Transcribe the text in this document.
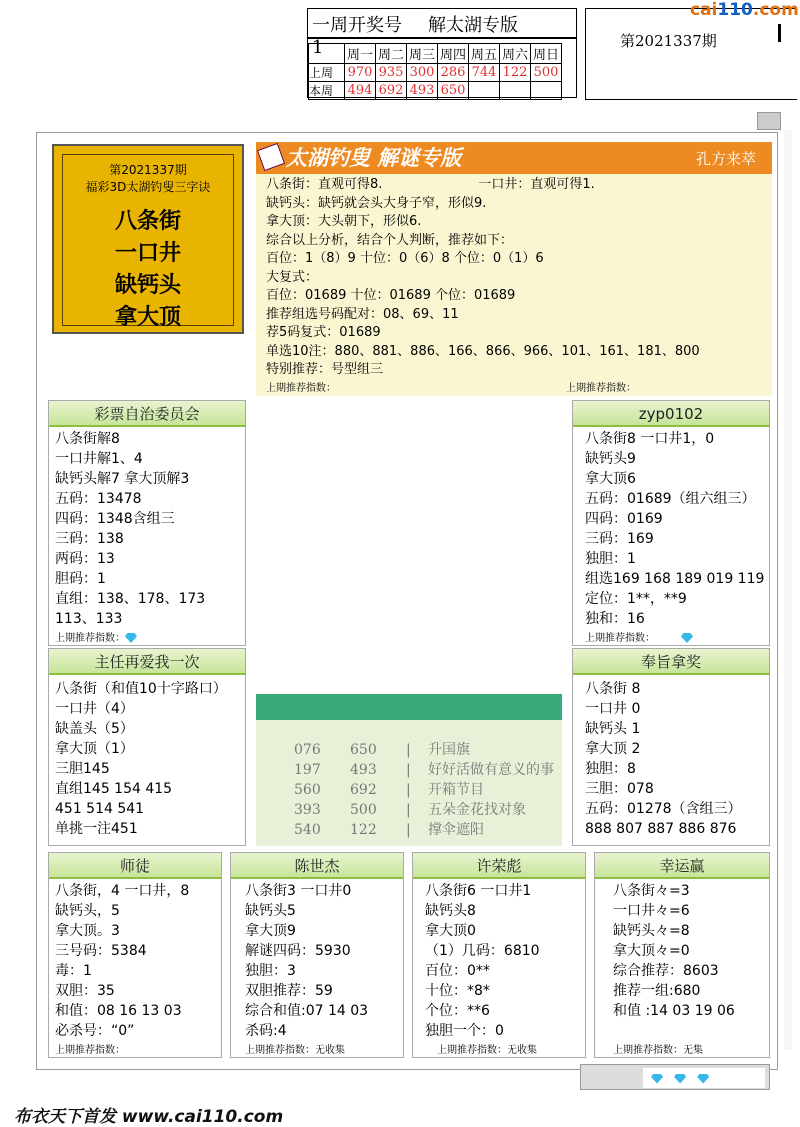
一周开奖号 解太湖专版1
		周一	周二	周三	周四	周五	周六	周日
上周	970	935	300	286	744	122	500
本周	494	692	493	650			
第2021337期
cai110.com
第2021337期
福彩3D太湖钓叟三字诀
八条街
一口井
缺钙头
拿大顶
太湖钓叟 解谜专版	孔方来萃
八条街：直观可得8.	一口井：直观可得1.
缺钙头：缺钙就会头大身子窄，形似9.
拿大顶：大头朝下，形似6.
综合以上分析，结合个人判断，推荐如下：
百位：1（8）9 十位：0（6）8 个位：0（1）6
大复式：
百位：01689 十位：01689 个位：01689
推荐组选号码配对：08、69、11
荐5码复式：01689
单选10注：880、881、886、166、866、966、101、161、181、800
特别推荐：号型组三
上期推荐指数：	上期推荐指数：
彩票自治委员会
八条街解8
一口井解1、4
缺钙头解7 拿大顶解3
五码：13478
四码：1348含组三
三码：138
两码：13
胆码：1
直组：138、178、173
113、133
上期推荐指数：
zyp0102
八条街8 一口井1，0
缺钙头9
拿大顶6
五码：01689（组六组三）
四码：0169
三码：169
独胆：1
组选169 168 189 019 119
定位：1**，**9
独和：16
上期推荐指数：
主任再爱我一次
八条街（和值10十字路口）
一口井（4）
缺盖头（5）
拿大顶（1）
三胆145
直组145 154 415
451 514 541
单挑一注451
奉旨拿奖
八条街 8
一口井 0
缺钙头 1
拿大顶 2
独胆：8
三胆：078
五码：01278（含组三）
888 807 887 886 876
076 650 | 升国旗
197 493 | 好好活做有意义的事
560 692 | 开箱节目
393 500 | 五朵金花找对象
540 122 | 撑伞遮阳
师徒
八条街，4 一口井，8
缺钙头，5
拿大顶。3
三号码：5384
毒：1
双胆：35
和值：08 16 13 03
必杀号：“0”
上期推荐指数：
陈世杰
八条街3 一口井0
缺钙头5
拿大顶9
解谜四码：5930
独胆：3
双胆推荐：59
综合和值:07 14 03
杀码:4
上期推荐指数：无收集
许荣彪
八条街6 一口井1
缺钙头8
拿大顶0
（1）几码：6810
百位：0**
十位：*8*
个位：**6
独胆一个：0
上期推荐指数：无收集
幸运赢
八条街々=3
一口井々=6
缺钙头々=8
拿大顶々=0
综合推荐：8603
推荐一组:680
和值 :14 03 19 06
上期推荐指数：无集

布衣天下首发 www.cai110.com
